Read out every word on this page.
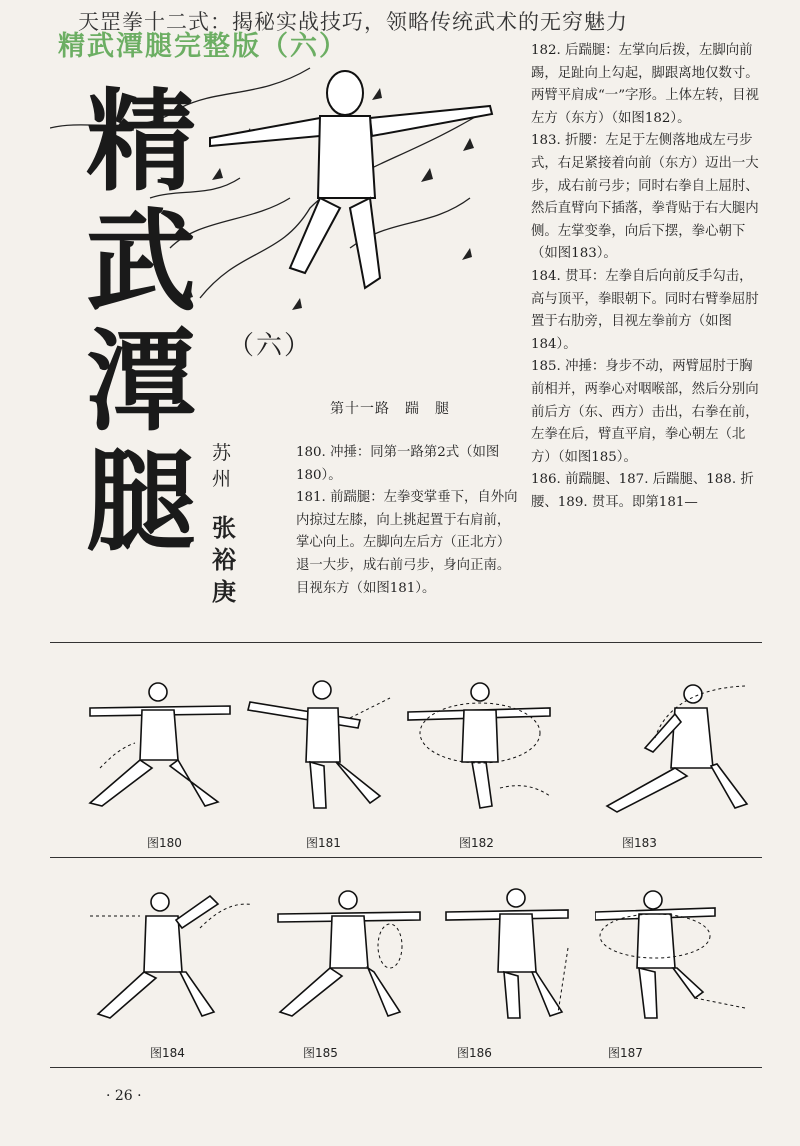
天罡拳十二式：揭秘实战技巧，领略传统武术的无穷魅力
精武潭腿完整版（六）
精
武
潭
腿
（六）
第十一路　踹　腿
苏州
张裕庚

180. 冲捶：同第一路第2式（如图180）。

181. 前踹腿：左拳变掌垂下，自外向内掠过左膝，向上挑起置于右肩前，掌心向上。左脚向左后方（正北方）退一大步，成右前弓步，身向正南。目视东方（如图181）。

182. 后踹腿：左掌向后拨，左脚向前踢，足趾向上勾起，脚跟离地仅数寸。两臂平肩成“一”字形。上体左转，目视左方（东方）（如图182）。

183. 折腰：左足于左侧落地成左弓步式，右足紧接着向前（东方）迈出一大步，成右前弓步；同时右拳自上屈肘、然后直臂向下插落，拳背贴于右大腿内侧。左掌变拳，向后下摆，拳心朝下（如图183）。

184. 贯耳：左拳自后向前反手勾击，高与顶平，拳眼朝下。同时右臂拳屈肘置于右肋旁，目视左拳前方（如图184）。

185. 冲捶：身步不动，两臂屈肘于胸前相并，两拳心对咽喉部，然后分别向前后方（东、西方）击出，右拳在前，左拳在后，臂直平肩，拳心朝左（北方）（如图185）。

186. 前踹腿、187. 后踹腿、188. 折腰、189. 贯耳。即第181—

图180	图181	图182	图183
图184	图185	图186	图187
· 26 ·
